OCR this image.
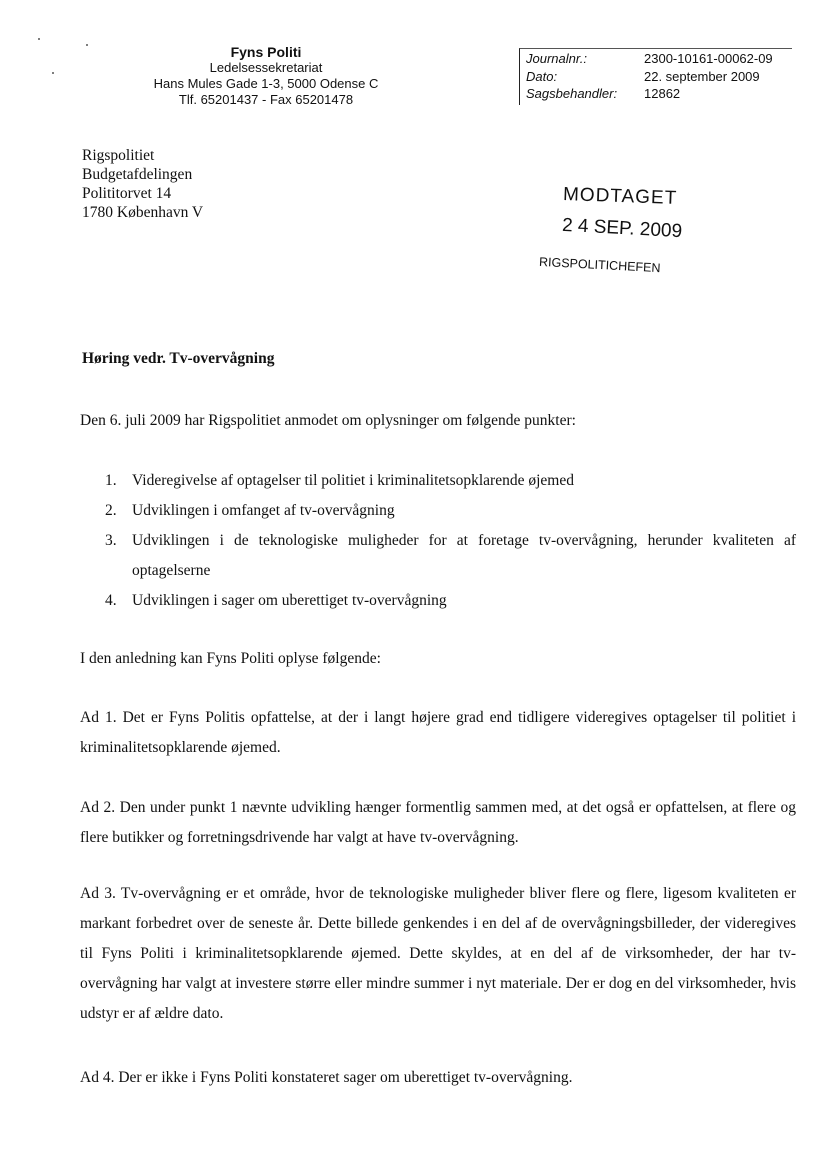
Fyns Politi
Ledelsessekretariat
Hans Mules Gade 1-3, 5000 Odense C
Tlf. 65201437 - Fax 65201478
Journalnr.:	2300-10161-00062-09
Dato:	22. september 2009
Sagsbehandler: 12862
Rigspolitiet
Budgetafdelingen
Polititorvet 14
1780 København V
MODTAGET
2 4 SEP. 2009
RIGSPOLITICHEFEN
Høring vedr. Tv-overvågning
Den 6. juli 2009 har Rigspolitiet anmodet om oplysninger om følgende punkter:
1. Videregivelse af optagelser til politiet i kriminalitetsopklarende øjemed
2. Udviklingen i omfanget af tv-overvågning
3. Udviklingen i de teknologiske muligheder for at foretage tv-overvågning, herunder kvaliteten af optagelserne
4. Udviklingen i sager om uberettiget tv-overvågning
I den anledning kan Fyns Politi oplyse følgende:
Ad 1. Det er Fyns Politis opfattelse, at der i langt højere grad end tidligere videregives optagelser til politiet i kriminalitetsopklarende øjemed.
Ad 2. Den under punkt 1 nævnte udvikling hænger formentlig sammen med, at det også er opfattelsen, at flere og flere butikker og forretningsdrivende har valgt at have tv-overvågning.
Ad 3. Tv-overvågning er et område, hvor de teknologiske muligheder bliver flere og flere, ligesom kvaliteten er markant forbedret over de seneste år. Dette billede genkendes i en del af de overvågningsbilleder, der videregives til Fyns Politi i kriminalitetsopklarende øjemed. Dette skyldes, at en del af de virksomheder, der har tv-overvågning har valgt at investere større eller mindre summer i nyt materiale. Der er dog en del virksomheder, hvis udstyr er af ældre dato.
Ad 4. Der er ikke i Fyns Politi konstateret sager om uberettiget tv-overvågning.
